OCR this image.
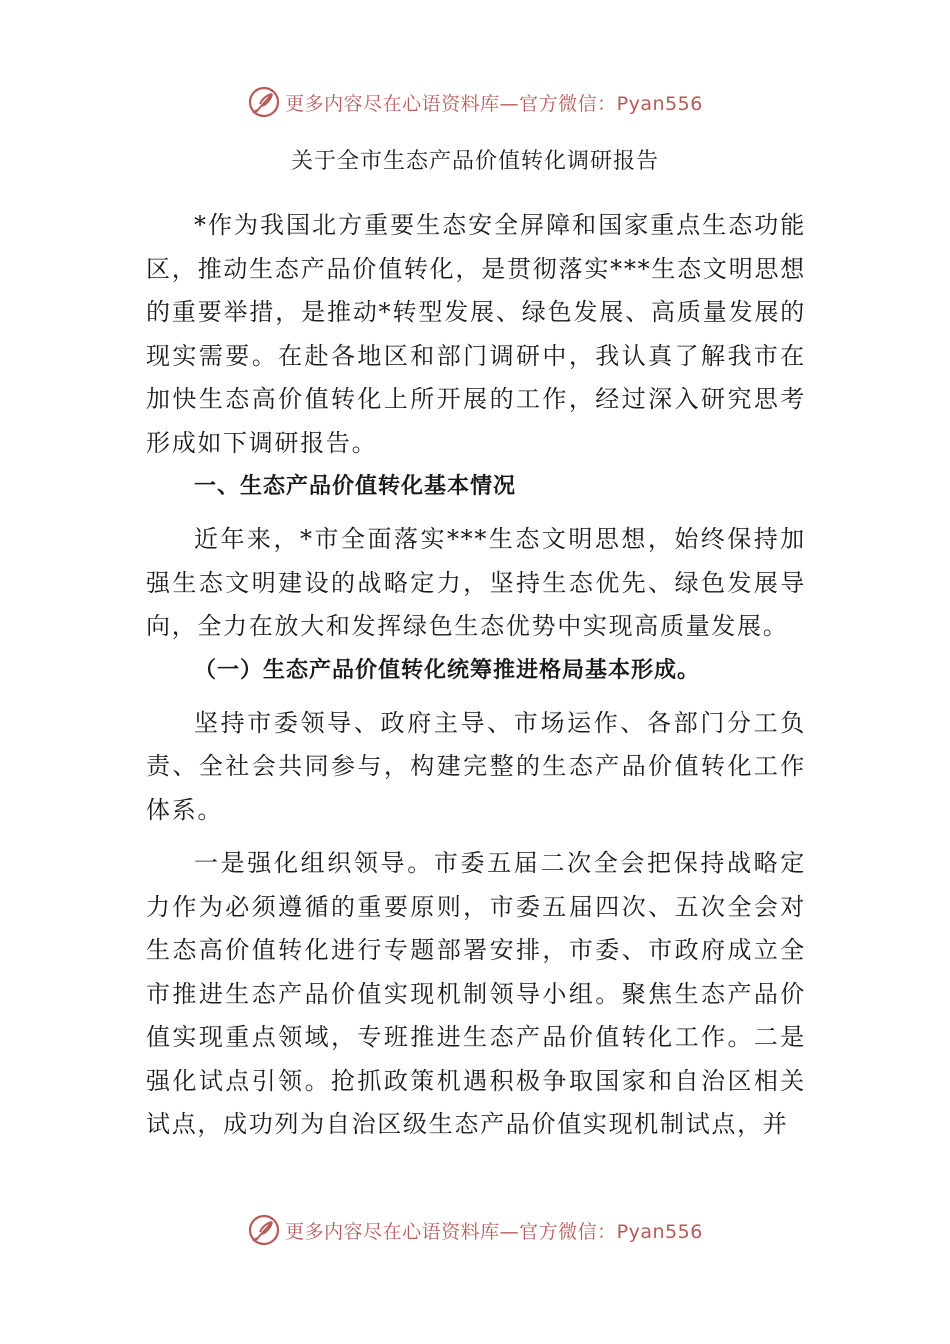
更多内容尽在心语资料库—官方微信：Pyan556
关于全市生态产品价值转化调研报告

*作为我国北方重要生态安全屏障和国家重点生态功能区，推动生态产品价值转化，是贯彻落实***生态文明思想的重要举措，是推动*转型发展、绿色发展、高质量发展的现实需要。在赴各地区和部门调研中，我认真了解我市在加快生态高价值转化上所开展的工作，经过深入研究思考形成如下调研报告。

一、生态产品价值转化基本情况

近年来，*市全面落实***生态文明思想，始终保持加强生态文明建设的战略定力，坚持生态优先、绿色发展导向，全力在放大和发挥绿色生态优势中实现高质量发展。

（一）生态产品价值转化统筹推进格局基本形成。

坚持市委领导、政府主导、市场运作、各部门分工负责、全社会共同参与，构建完整的生态产品价值转化工作体系。

一是强化组织领导。市委五届二次全会把保持战略定力作为必须遵循的重要原则，市委五届四次、五次全会对生态高价值转化进行专题部署安排，市委、市政府成立全市推进生态产品价值实现机制领导小组。聚焦生态产品价值实现重点领域，专班推进生态产品价值转化工作。二是强化试点引领。抢抓政策机遇积极争取国家和自治区相关试点，成功列为自治区级生态产品价值实现机制试点，并

更多内容尽在心语资料库—官方微信：Pyan556
